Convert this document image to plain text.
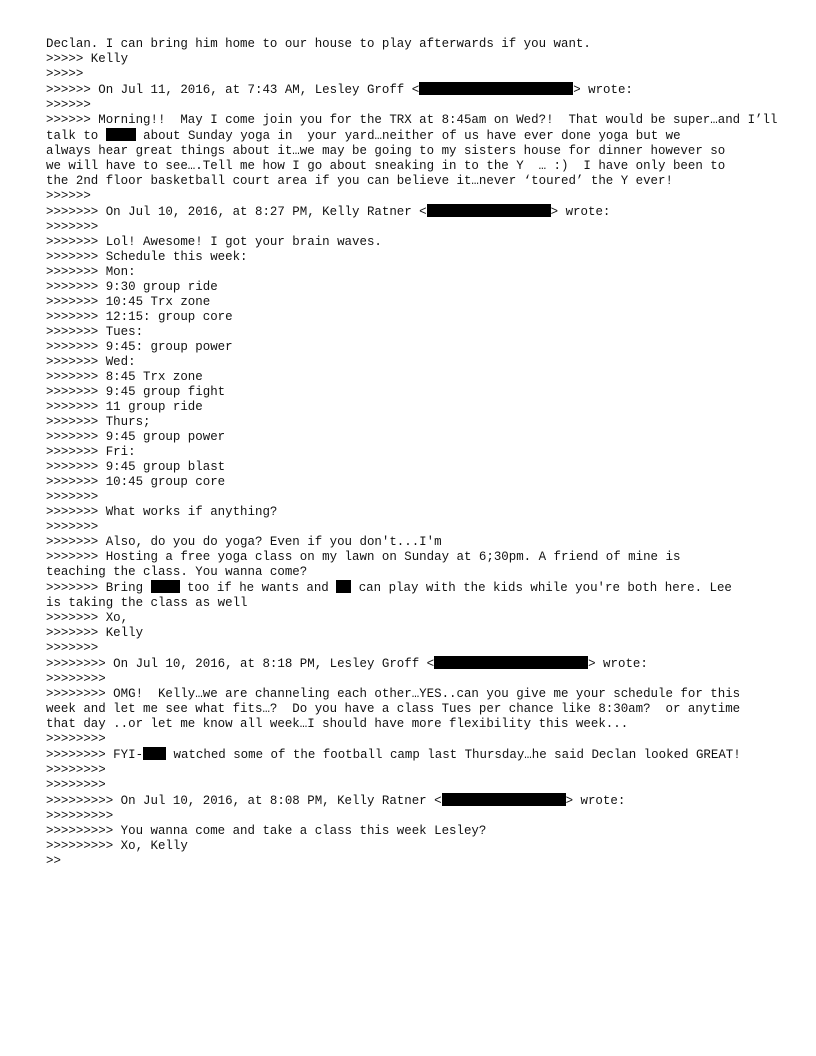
Declan. I can bring him home to our house to play afterwards if you want.
>>>>> Kelly
>>>>>
>>>>>> On Jul 11, 2016, at 7:43 AM, Lesley Groff <	> wrote:
>>>>>>
>>>>>> Morning!!  May I come join you for the TRX at 8:45am on Wed?!  That would be super…and I’ll talk to  about Sunday yoga in  your yard…neither of us have ever done yoga but we
always hear great things about it…we may be going to my sisters house for dinner however so
we will have to see….Tell me how I go about sneaking in to the Y  … :)  I have only been to
the 2nd floor basketball court area if you can believe it…never ‘toured’ the Y ever!
>>>>>>
>>>>>>> On Jul 10, 2016, at 8:27 PM, Kelly Ratner <	> wrote:
>>>>>>>
>>>>>>> Lol! Awesome! I got your brain waves.
>>>>>>> Schedule this week:
>>>>>>> Mon:
>>>>>>> 9:30 group ride
>>>>>>> 10:45 Trx zone
>>>>>>> 12:15: group core
>>>>>>> Tues:
>>>>>>> 9:45: group power
>>>>>>> Wed:
>>>>>>> 8:45 Trx zone
>>>>>>> 9:45 group fight
>>>>>>> 11 group ride
>>>>>>> Thurs;
>>>>>>> 9:45 group power
>>>>>>> Fri:
>>>>>>> 9:45 group blast
>>>>>>> 10:45 group core
>>>>>>>
>>>>>>> What works if anything?
>>>>>>>
>>>>>>> Also, do you do yoga? Even if you don't...I'm
>>>>>>> Hosting a free yoga class on my lawn on Sunday at 6;30pm. A friend of mine is
teaching the class. You wanna come?
>>>>>>> Bring  too if he wants and  can play with the kids while you're both here. Lee
is taking the class as well
>>>>>>> Xo,
>>>>>>> Kelly
>>>>>>>
>>>>>>>> On Jul 10, 2016, at 8:18 PM, Lesley Groff <	> wrote:
>>>>>>>>
>>>>>>>> OMG!  Kelly…we are channeling each other…YES..can you give me your schedule for this
week and let me see what fits…?  Do you have a class Tues per chance like 8:30am?  or anytime
that day ..or let me know all week…I should have more flexibility this week...
>>>>>>>>
>>>>>>>> FYI- watched some of the football camp last Thursday…he said Declan looked GREAT!
>>>>>>>>
>>>>>>>>
>>>>>>>>> On Jul 10, 2016, at 8:08 PM, Kelly Ratner <	> wrote:
>>>>>>>>>
>>>>>>>>> You wanna come and take a class this week Lesley?
>>>>>>>>> Xo, Kelly
>>
